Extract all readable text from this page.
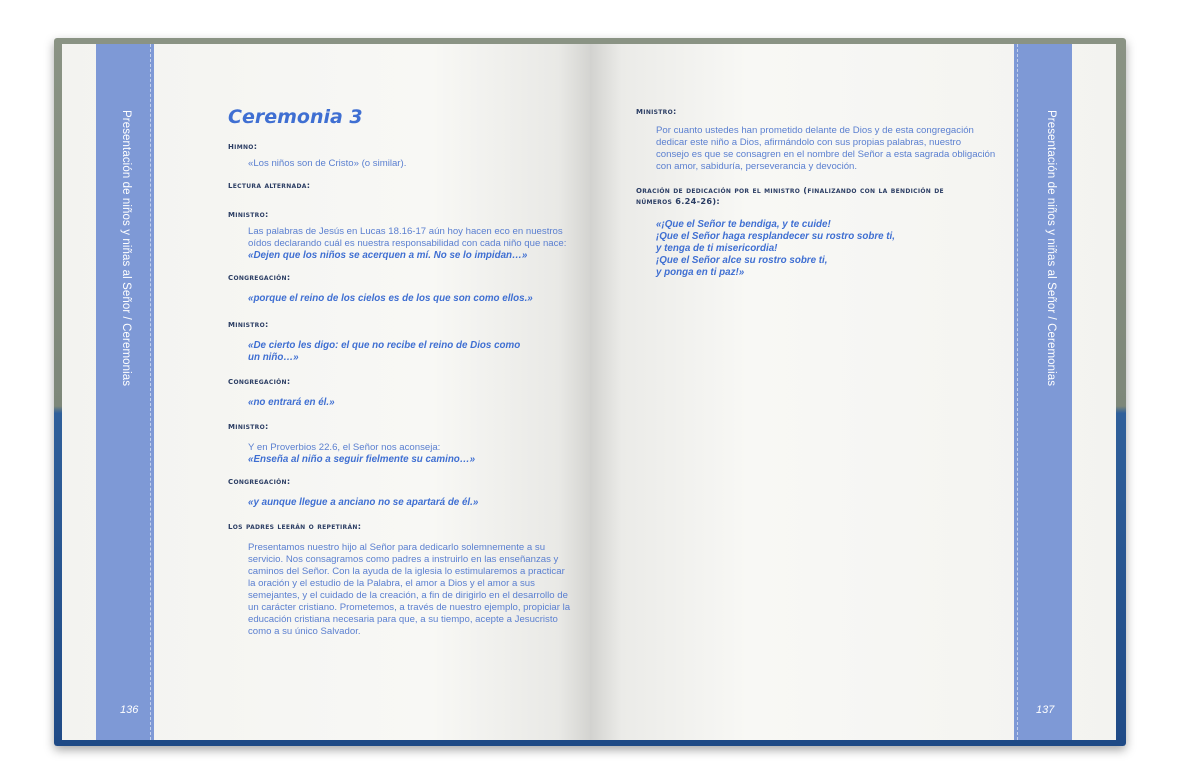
Presentación de niños y niñas al Señor / Ceremonias
136
Ceremonia 3
himno:
«Los niños son de Cristo» (o similar).
lectura alternada:
ministro:
Las palabras de Jesús en Lucas 18.16-17 aún hoy hacen eco en nuestros oídos declarando cuál es nuestra responsabilidad con cada niño que nace: «Dejen que los niños se acerquen a mí. No se lo impidan…»
congregación:
«porque el reino de los cielos es de los que son como ellos.»
ministro:
«De cierto les digo: el que no recibe el reino de Dios como un niño…»
congregación:
«no entrará en él.»
ministro:
Y en Proverbios 22.6, el Señor nos aconseja:
«Enseña al niño a seguir fielmente su camino…»
congregación:
«y aunque llegue a anciano no se apartará de él.»
los padres leerán o repetirán:
Presentamos nuestro hijo al Señor para dedicarlo solemnemente a su servicio. Nos consagramos como padres a instruirlo en las enseñanzas y caminos del Señor. Con la ayuda de la iglesia lo estimularemos a practicar la oración y el estudio de la Palabra, el amor a Dios y el amor a sus semejantes, y el cuidado de la creación, a fin de dirigirlo en el desarrollo de un carácter cristiano. Prometemos, a través de nuestro ejemplo, propiciar la educación cristiana necesaria para que, a su tiempo, acepte a Jesucristo como a su único Salvador.
Presentación de niños y niñas al Señor / Ceremonias
137
ministro:
Por cuanto ustedes han prometido delante de Dios y de esta congregación dedicar este niño a Dios, afirmándolo con sus propias palabras, nuestro consejo es que se consagren en el nombre del Señor a esta sagrada obligación con amor, sabiduría, perseverancia y devoción.
oración de dedicación por el ministro (finalizando con la bendición de números 6.24-26):
«¡Que el Señor te bendiga, y te cuide!
¡Que el Señor haga resplandecer su rostro sobre ti,
y tenga de ti misericordia!
¡Que el Señor alce su rostro sobre ti,
y ponga en ti paz!»
